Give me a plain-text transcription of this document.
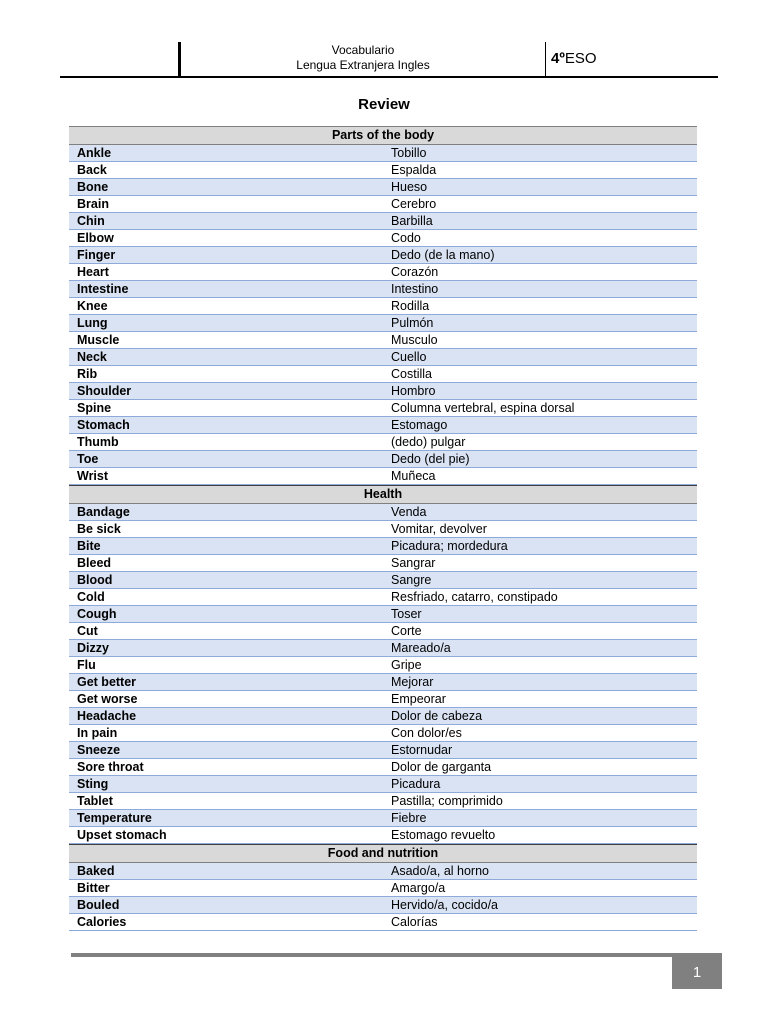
Vocabulario
Lengua Extranjera Ingles	4ºESO
Review
Parts of the body
Ankle	Tobillo
Back	Espalda
Bone	Hueso
Brain	Cerebro
Chin	Barbilla
Elbow	Codo
Finger	Dedo (de la mano)
Heart	Corazón
Intestine	Intestino
Knee	Rodilla
Lung	Pulmón
Muscle	Musculo
Neck	Cuello
Rib	Costilla
Shoulder	Hombro
Spine	Columna vertebral, espina dorsal
Stomach	Estomago
Thumb	(dedo) pulgar
Toe	Dedo (del pie)
Wrist	Muñeca
Health
Bandage	Venda
Be sick	Vomitar, devolver
Bite	Picadura; mordedura
Bleed	Sangrar
Blood	Sangre
Cold	Resfriado, catarro, constipado
Cough	Toser
Cut	Corte
Dizzy	Mareado/a
Flu	Gripe
Get better	Mejorar
Get worse	Empeorar
Headache	Dolor de cabeza
In pain	Con dolor/es
Sneeze	Estornudar
Sore throat	Dolor de garganta
Sting	Picadura
Tablet	Pastilla; comprimido
Temperature	Fiebre
Upset stomach	Estomago revuelto
Food and nutrition
Baked	Asado/a, al horno
Bitter	Amargo/a
Bouled	Hervido/a, cocido/a
Calories	Calorías
1
